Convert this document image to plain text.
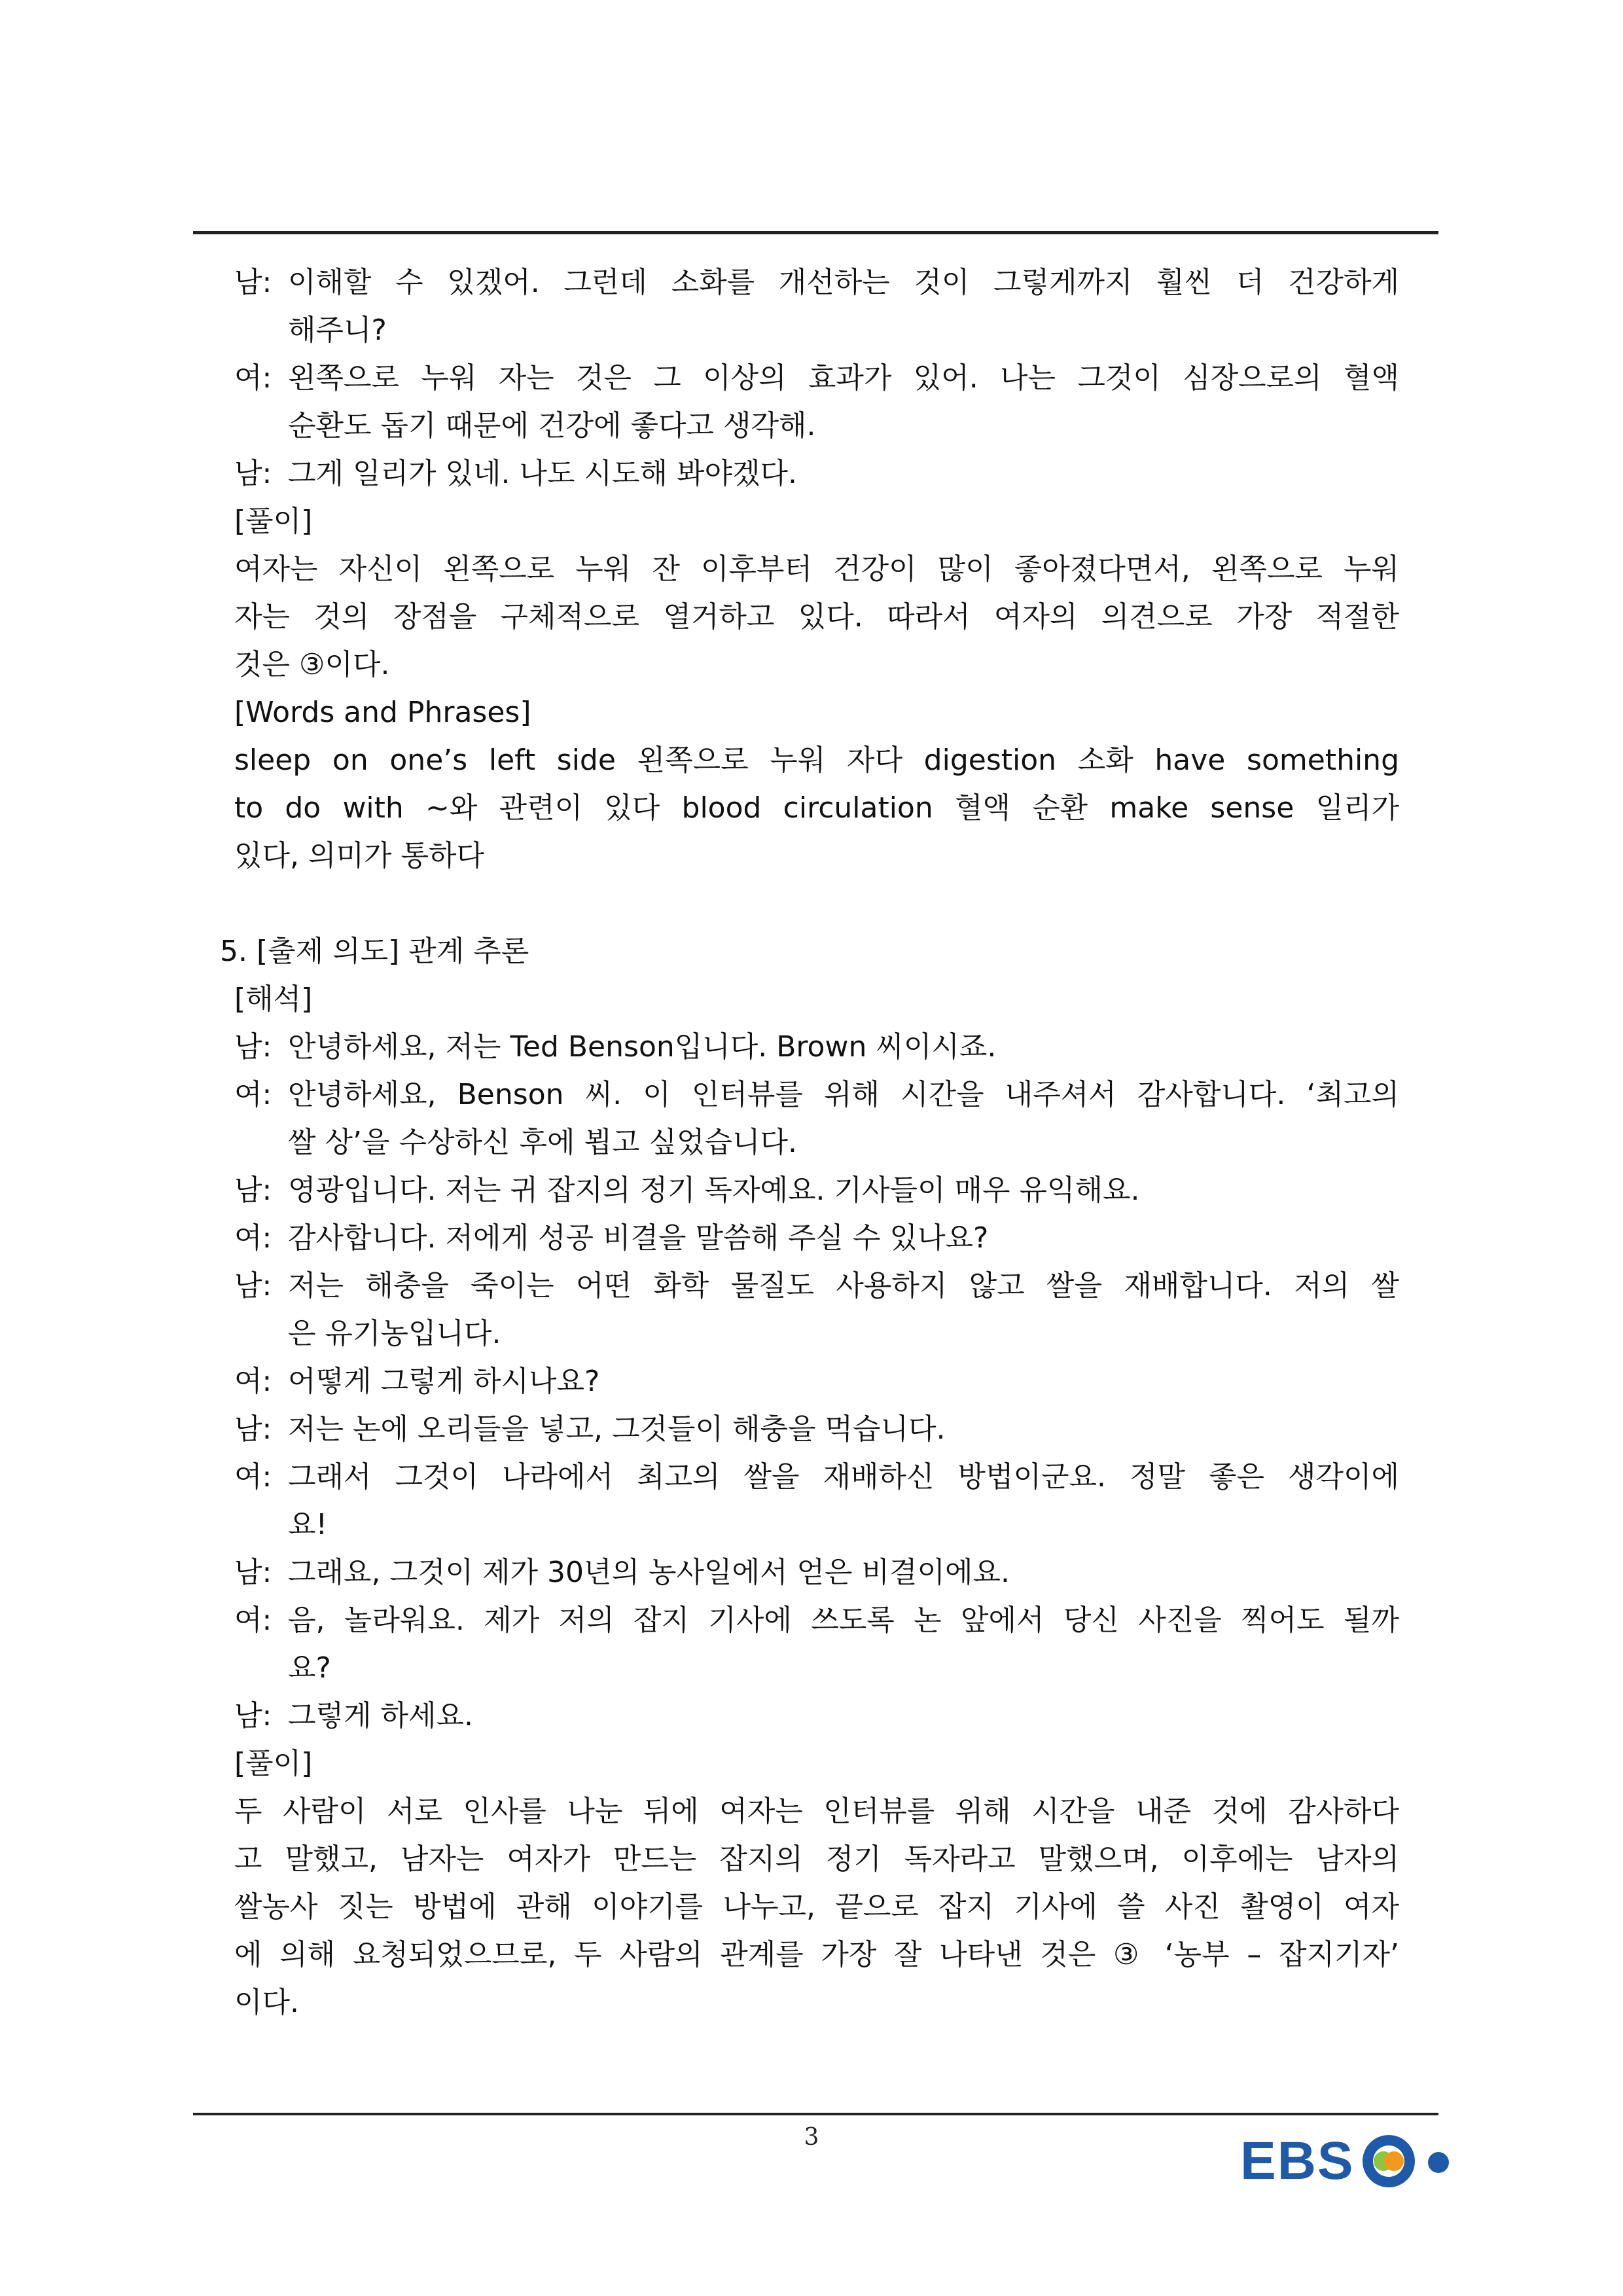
남: 이해할 수 있겠어. 그런데 소화를 개선하는 것이 그렇게까지 훨씬 더 건강하게
해주니?
여: 왼쪽으로 누워 자는 것은 그 이상의 효과가 있어. 나는 그것이 심장으로의 혈액
순환도 돕기 때문에 건강에 좋다고 생각해.
남: 그게 일리가 있네. 나도 시도해 봐야겠다.
[풀이]
여자는 자신이 왼쪽으로 누워 잔 이후부터 건강이 많이 좋아졌다면서, 왼쪽으로 누워
자는 것의 장점을 구체적으로 열거하고 있다. 따라서 여자의 의견으로 가장 적절한
것은 ③이다.
[Words and Phrases]
sleep on one’s left side 왼쪽으로 누워 자다 digestion 소화 have something
to do with ~와 관련이 있다 blood circulation 혈액 순환 make sense 일리가
있다, 의미가 통하다
5. [출제 의도] 관계 추론
[해석]
남: 안녕하세요, 저는 Ted Benson입니다. Brown 씨이시죠.
여: 안녕하세요, Benson 씨. 이 인터뷰를 위해 시간을 내주셔서 감사합니다. ‘최고의
쌀 상’을 수상하신 후에 뵙고 싶었습니다.
남: 영광입니다. 저는 귀 잡지의 정기 독자예요. 기사들이 매우 유익해요.
여: 감사합니다. 저에게 성공 비결을 말씀해 주실 수 있나요?
남: 저는 해충을 죽이는 어떤 화학 물질도 사용하지 않고 쌀을 재배합니다. 저의 쌀
은 유기농입니다.
여: 어떻게 그렇게 하시나요?
남: 저는 논에 오리들을 넣고, 그것들이 해충을 먹습니다.
여: 그래서 그것이 나라에서 최고의 쌀을 재배하신 방법이군요. 정말 좋은 생각이에
요!
남: 그래요, 그것이 제가 30년의 농사일에서 얻은 비결이에요.
여: 음, 놀라워요. 제가 저의 잡지 기사에 쓰도록 논 앞에서 당신 사진을 찍어도 될까
요?
남: 그렇게 하세요.
[풀이]
두 사람이 서로 인사를 나눈 뒤에 여자는 인터뷰를 위해 시간을 내준 것에 감사하다
고 말했고, 남자는 여자가 만드는 잡지의 정기 독자라고 말했으며, 이후에는 남자의
쌀농사 짓는 방법에 관해 이야기를 나누고, 끝으로 잡지 기사에 쓸 사진 촬영이 여자
에 의해 요청되었으므로, 두 사람의 관계를 가장 잘 나타낸 것은 ③ ‘농부 – 잡지기자’
이다.
3	EBS
